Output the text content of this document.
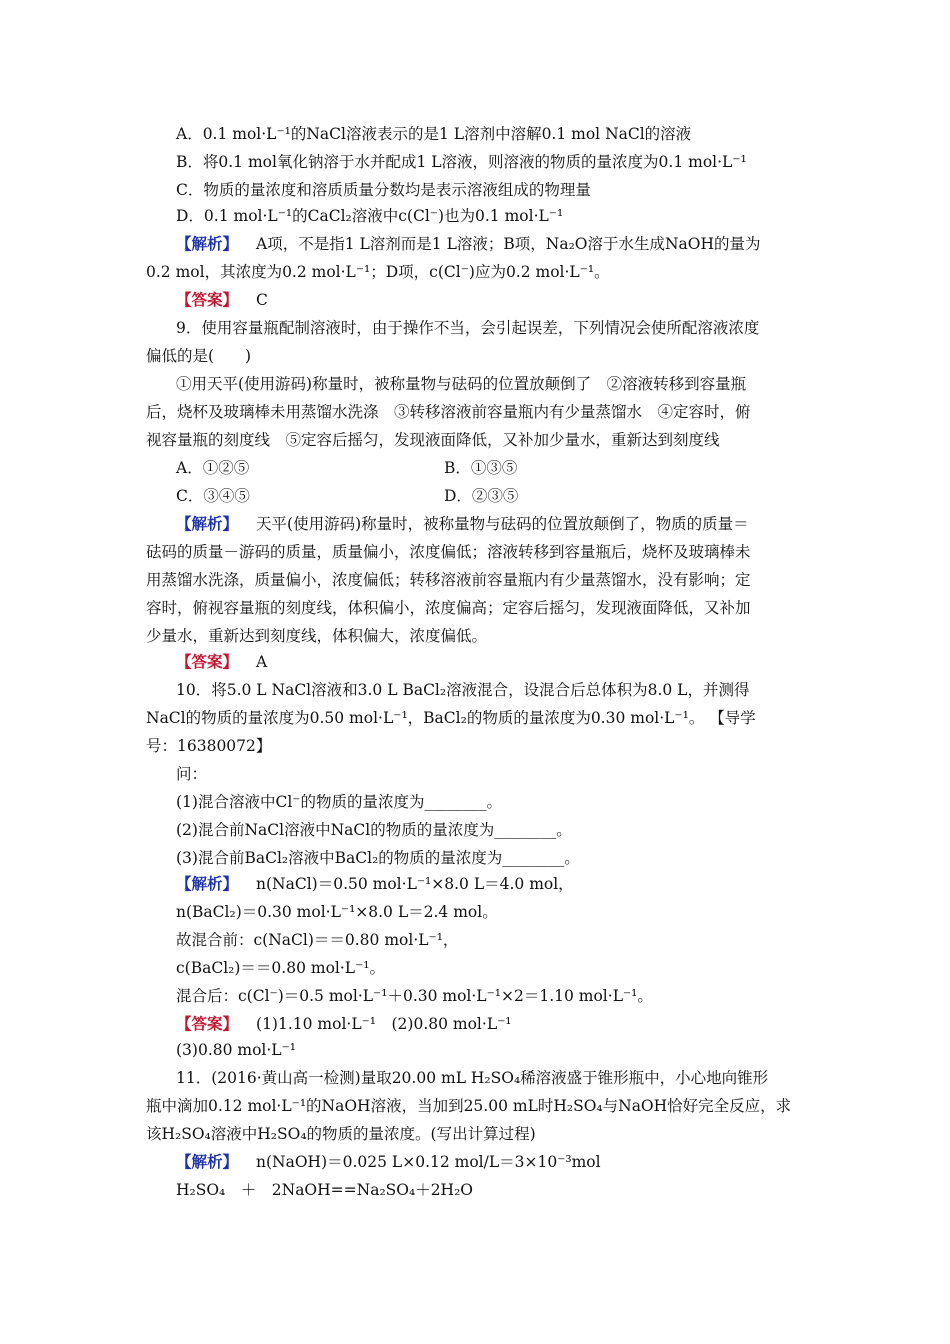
A．0.1 mol·L⁻¹的NaCl溶液表示的是1 L溶剂中溶解0.1 mol NaCl的溶液
B．将0.1 mol氧化钠溶于水并配成1 L溶液，则溶液的物质的量浓度为0.1 mol·L⁻¹
C．物质的量浓度和溶质质量分数均是表示溶液组成的物理量
D．0.1 mol·L⁻¹的CaCl₂溶液中c(Cl⁻)也为0.1 mol·L⁻¹
【解析】 A项，不是指1 L溶剂而是1 L溶液；B项，Na₂O溶于水生成NaOH的量为
0.2 mol，其浓度为0.2 mol·L⁻¹；D项，c(Cl⁻)应为0.2 mol·L⁻¹。
【答案】 C
9．使用容量瓶配制溶液时，由于操作不当，会引起误差，下列情况会使所配溶液浓度
偏低的是(　　)
①用天平(使用游码)称量时，被称量物与砝码的位置放颠倒了　②溶液转移到容量瓶
后，烧杯及玻璃棒未用蒸馏水洗涤　③转移溶液前容量瓶内有少量蒸馏水　④定容时，俯
视容量瓶的刻度线　⑤定容后摇匀，发现液面降低，又补加少量水，重新达到刻度线
A．①②⑤	B．①③⑤
C．③④⑤	D．②③⑤
【解析】 天平(使用游码)称量时，被称量物与砝码的位置放颠倒了，物质的质量＝
砝码的质量－游码的质量，质量偏小，浓度偏低；溶液转移到容量瓶后，烧杯及玻璃棒未
用蒸馏水洗涤，质量偏小，浓度偏低；转移溶液前容量瓶内有少量蒸馏水，没有影响；定
容时，俯视容量瓶的刻度线，体积偏小，浓度偏高；定容后摇匀，发现液面降低，又补加
少量水，重新达到刻度线，体积偏大，浓度偏低。
【答案】 A
10．将5.0 L NaCl溶液和3.0 L BaCl₂溶液混合，设混合后总体积为8.0 L，并测得
NaCl的物质的量浓度为0.50 mol·L⁻¹，BaCl₂的物质的量浓度为0.30 mol·L⁻¹。 【导学
号：16380072】
问：
(1)混合溶液中Cl⁻的物质的量浓度为________。
(2)混合前NaCl溶液中NaCl的物质的量浓度为________。
(3)混合前BaCl₂溶液中BaCl₂的物质的量浓度为________。
【解析】 n(NaCl)＝0.50 mol·L⁻¹×8.0 L＝4.0 mol，
n(BaCl₂)＝0.30 mol·L⁻¹×8.0 L＝2.4 mol。
故混合前：c(NaCl)＝＝0.80 mol·L⁻¹，
c(BaCl₂)＝＝0.80 mol·L⁻¹。
混合后：c(Cl⁻)＝0.5 mol·L⁻¹＋0.30 mol·L⁻¹×2＝1.10 mol·L⁻¹。
【答案】 (1)1.10 mol·L⁻¹　(2)0.80 mol·L⁻¹
(3)0.80 mol·L⁻¹
11．(2016·黄山高一检测)量取20.00 mL H₂SO₄稀溶液盛于锥形瓶中，小心地向锥形
瓶中滴加0.12 mol·L⁻¹的NaOH溶液，当加到25.00 mL时H₂SO₄与NaOH恰好完全反应，求
该H₂SO₄溶液中H₂SO₄的物质的量浓度。(写出计算过程)
【解析】 n(NaOH)＝0.025 L×0.12 mol/L＝3×10⁻³mol
H₂SO₄　＋　2NaOH==Na₂SO₄＋2H₂O
